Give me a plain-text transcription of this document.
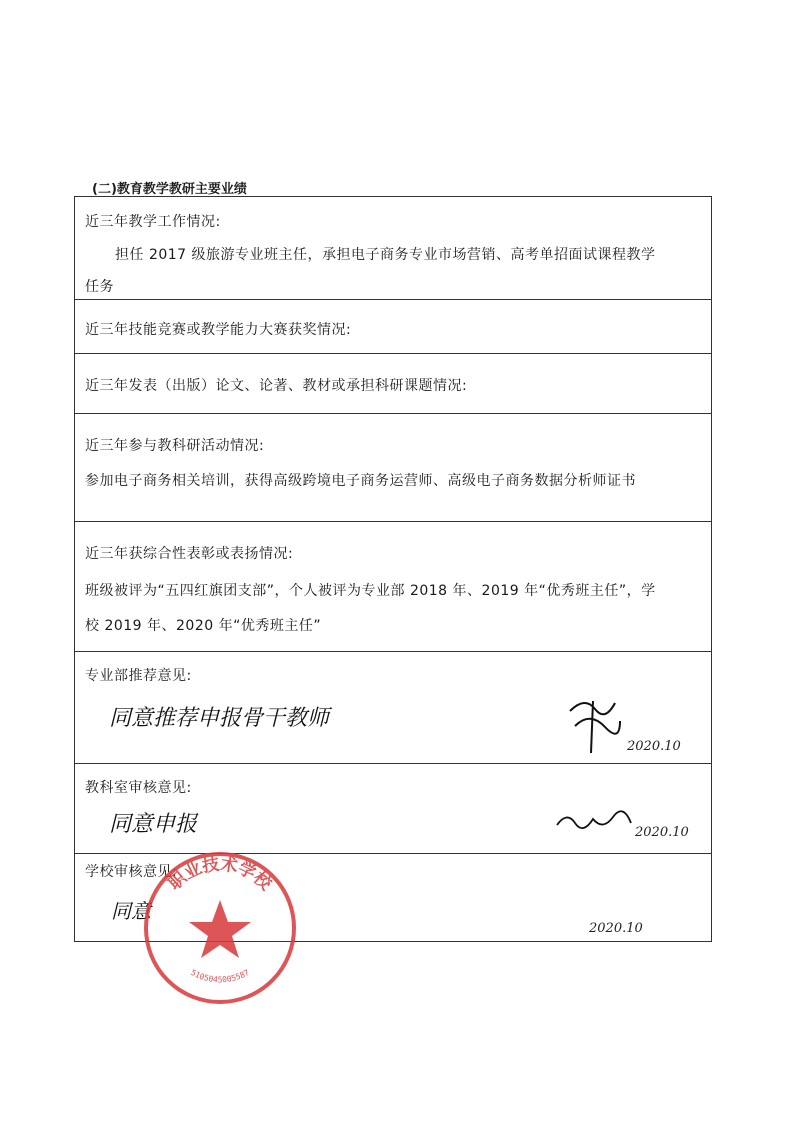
(二)教育教学教研主要业绩
近三年教学工作情况:
担任 2017 级旅游专业班主任，承担电子商务专业市场营销、高考单招面试课程教学
任务
近三年技能竞赛或教学能力大赛获奖情况:
近三年发表（出版）论文、论著、教材或承担科研课题情况:
近三年参与教科研活动情况:
参加电子商务相关培训，获得高级跨境电子商务运营师、高级电子商务数据分析师证书
近三年获综合性表彰或表扬情况:
班级被评为“五四红旗团支部”，个人被评为专业部 2018 年、2019 年“优秀班主任”，学
校 2019 年、2020 年“优秀班主任”
专业部推荐意见:
同意推荐申报骨干教师
2020.10
教科室审核意见:
同意申报	2020.10
学校审核意见:
同意
2020.10
职业技术学校
5105045005587
